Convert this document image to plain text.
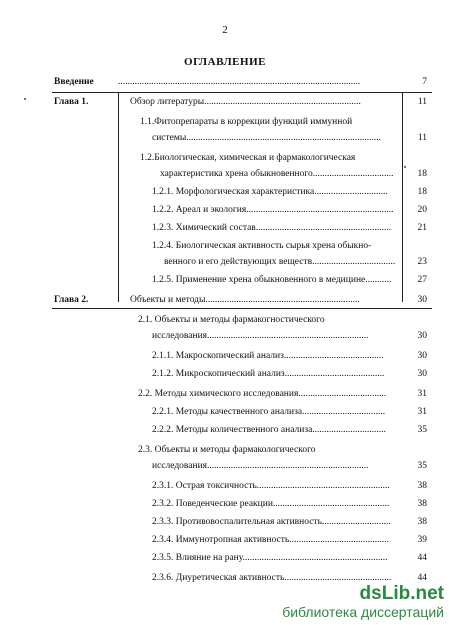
2
ОГЛАВЛЕНИЕ
Введение	......................................................................................................	7
Глава 1.	Обзор литературы..................................................................	11
1.1.Фитопрепараты в коррекции функций иммунной
системы..................................................................................	11
1.2.Биологическая, химическая и фармакологическая
характеристика хрена обыкновенного..................................	18
1.2.1. Морфологическая характеристика...............................	18
1.2.2. Ареал и экология..............................................................	20
1.2.3. Химический состав.........................................................	21
1.2.4. Биологическая активность сырья хрена обыкно-
венного и его действующих веществ...................................	23
1.2.5. Применение хрена обыкновенного в медицине...........	27
Глава 2.	Объекты и методы.................................................................	30
2.1. Объекты и методы фармакогностического
исследования....................................................................	30
2.1.1. Макроскопический анализ..........................................	30
2.1.2. Микроскопический анализ..........................................	30
2.2. Методы химического исследования.....................................	31
2.2.1. Методы качественного анализа...................................	31
2.2.2. Методы количественного анализа...............................	35
2.3. Объекты и методы фармакологического
исследования....................................................................	35
2.3.1. Острая токсичность........................................................	38
2.3.2. Поведенческие реакции.................................................	38
2.3.3. Противовоспалительная активность.............................	38
2.3.4. Иммунотропная активность..........................................	39
2.3.5. Влияние на рану.............................................................	44
2.3.6. Диуретическая активность.............................................	44
dsLib.net
библиотека диссертаций
